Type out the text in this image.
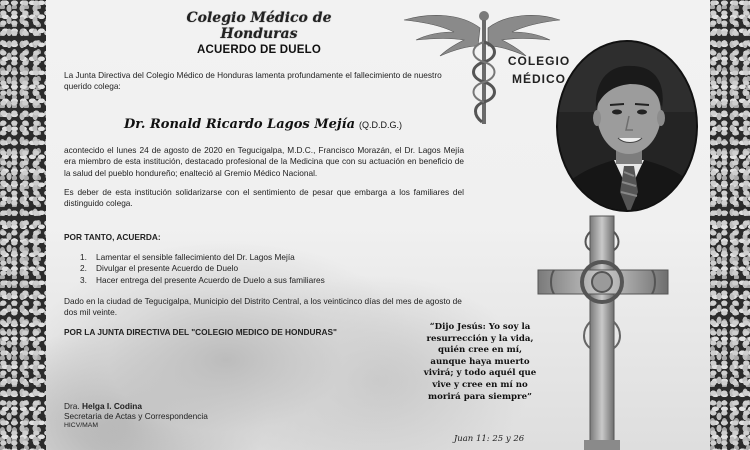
Colegio Médico de Honduras
ACUERDO DE DUELO
COLEGIO
MÉDICO
La Junta Directiva del Colegio Médico de Honduras lamenta profundamente el fallecimiento de nuestro querido colega:
Dr. Ronald Ricardo Lagos Mejía (Q.D.D.G.)
acontecido el lunes 24 de agosto de 2020 en Tegucigalpa, M.D.C., Francisco Morazán, el Dr. Lagos Mejía era miembro de esta institución, destacado profesional de la Medicina que con su actuación en beneficio de la salud del pueblo hondureño; enalteció al Gremio Médico Nacional.
Es deber de esta institución solidarizarse con el sentimiento de pesar que embarga a los familiares del distinguido colega.
POR TANTO, ACUERDA:
1.	Lamentar el sensible fallecimiento del Dr. Lagos Mejía
2.	Divulgar el presente Acuerdo de Duelo
3.	Hacer entrega del presente Acuerdo de Duelo a sus familiares
Dado en la ciudad de Tegucigalpa, Municipio del Distrito Central, a los veinticinco días del mes de agosto de dos mil veinte.
POR LA JUNTA DIRECTIVA DEL "COLEGIO MEDICO DE HONDURAS"	“Dijo Jesús: Yo soy la resurrección y la vida, quién cree en mí, aunque haya muerto vivirá; y todo aquél que vive y cree en mí no morirá para siempre”
Juan 11: 25 y 26
Dra. Helga I. Codina
Secretaria de Actas y Correspondencia
HICV/MAM
